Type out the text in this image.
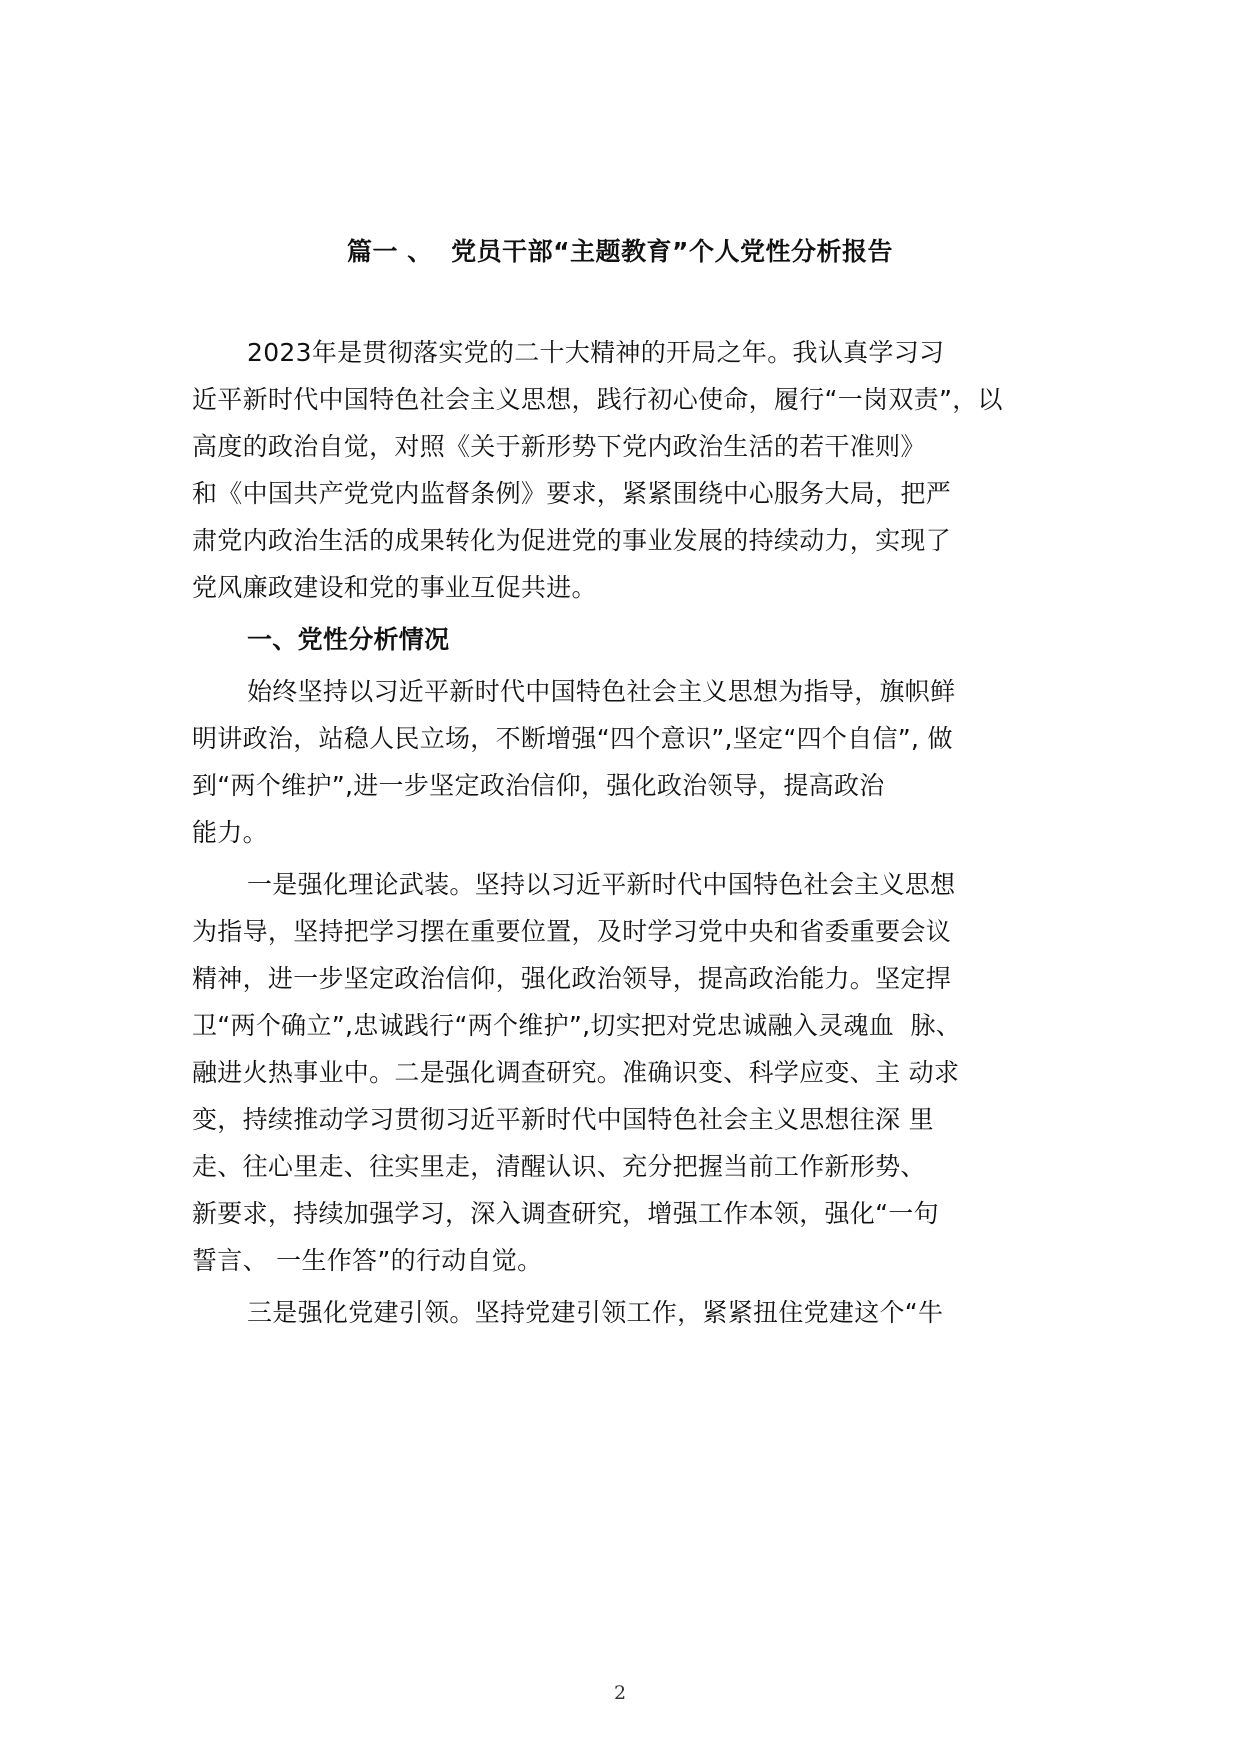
篇一 、  党员干部“主题教育”个人党性分析报告
2023年是贯彻落实党的二十大精神的开局之年。我认真学习习
近平新时代中国特色社会主义思想，践行初心使命，履行“一岗双责”，以
高度的政治自觉，对照《关于新形势下党内政治生活的若干准则》
和《中国共产党党内监督条例》要求，紧紧围绕中心服务大局，把严
肃党内政治生活的成果转化为促进党的事业发展的持续动力，实现了
党风廉政建设和党的事业互促共进。
一、党性分析情况
始终坚持以习近平新时代中国特色社会主义思想为指导，旗帜鲜
明讲政治，站稳人民立场，不断增强“四个意识”,坚定“四个自信”, 做
到“两个维护”,进一步坚定政治信仰，强化政治领导，提高政治
能力。
一是强化理论武装。坚持以习近平新时代中国特色社会主义思想
为指导，坚持把学习摆在重要位置，及时学习党中央和省委重要会议
精神，进一步坚定政治信仰，强化政治领导，提高政治能力。坚定捍
卫“两个确立”,忠诚践行“两个维护”,切实把对党忠诚融入灵魂血  脉、
融进火热事业中。二是强化调查研究。准确识变、科学应变、主 动求
变，持续推动学习贯彻习近平新时代中国特色社会主义思想往深 里
走、往心里走、往实里走，清醒认识、充分把握当前工作新形势、
新要求，持续加强学习，深入调查研究，增强工作本领，强化“一句
誓言、 一生作答”的行动自觉。
三是强化党建引领。坚持党建引领工作，紧紧扭住党建这个“牛
2
